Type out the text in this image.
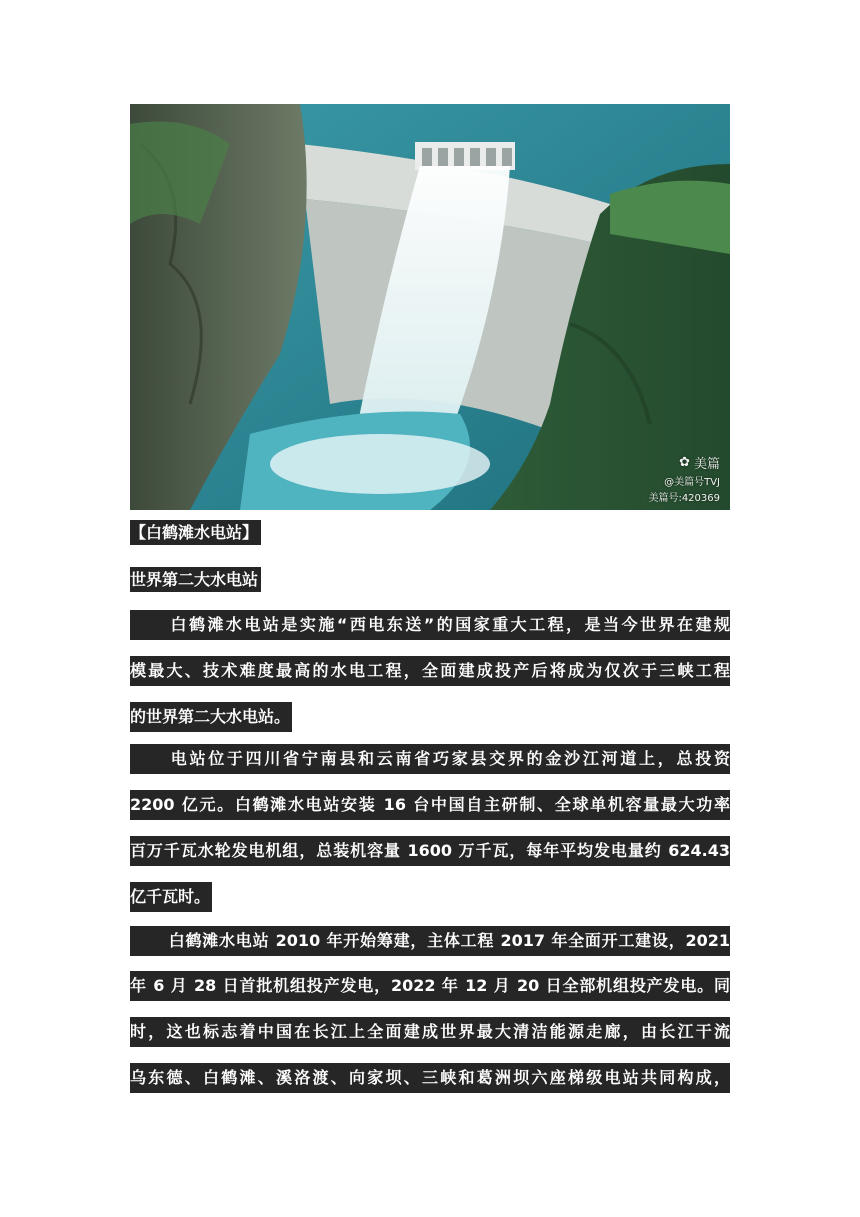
✿ 美篇
@美篇号TVJ
美篇号:420369
【白鹤滩水电站】
世界第二大水电站
白鹤滩水电站是实施“西电东送”的国家重大工程，是当今世界在建规
模最大、技术难度最高的水电工程，全面建成投产后将成为仅次于三峡工程
的世界第二大水电站。
电站位于四川省宁南县和云南省巧家县交界的金沙江河道上，总投资
2200 亿元。白鹤滩水电站安装 16 台中国自主研制、全球单机容量最大功率
百万千瓦水轮发电机组，总装机容量 1600 万千瓦，每年平均发电量约 624.43
亿千瓦时。
白鹤滩水电站 2010 年开始筹建，主体工程 2017 年全面开工建设，2021
年 6 月 28 日首批机组投产发电，2022 年 12 月 20 日全部机组投产发电。同
时，这也标志着中国在长江上全面建成世界最大清洁能源走廊，由长江干流
乌东德、白鹤滩、溪洛渡、向家坝、三峡和葛洲坝六座梯级电站共同构成，
